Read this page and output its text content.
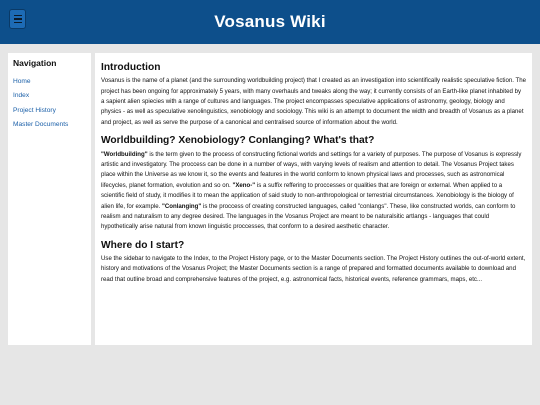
Vosanus Wiki
Navigation
Home
Index
Project History
Master Documents
Introduction

Vosanus is the name of a planet (and the surrounding worldbuilding project) that I created as an investigation into scientifically realistic speculative fiction. The project has been ongoing for approximately 5 years, with many overhauls and tweaks along the way; it currently consists of an Earth-like planet inhabited by a sapient alien spiecies with a range of cultures and languages. The project encompasses speculative applications of astronomy, geology, biology and physics - as well as speculative xenolinguistics, xenobiology and sociology. This wiki is an attempt to document the width and breadth of Vosanus as a planet and project, as well as serve the purpose of a canonical and centralised source of information about the world.

Worldbuilding? Xenobiology? Conlanging? What's that?

"Worldbuilding" is the term given to the process of constructing fictional worlds and settings for a variety of purposes. The purpose of Vosanus is expressly artistic and investigatory. The proccess can be done in a number of ways, with varying levels of realism and attention to detail. The Vosanus Project takes place within the Universe as we know it, so the events and features in the world conform to known physical laws and processes, such as astronomical lifecycles, planet formation, evolution and so on. "Xeno-" is a suffix reffering to proccesses or qualities that are foreign or external. When applied to a scientific field of study, it modifies it to mean the application of said study to non-anthropological or terrestrial circumstances. Xenobiology is the biology of alien life, for example. "Conlanging" is the proccess of creating constructed languages, called "conlangs". These, like constructed worlds, can conform to realism and naturalism to any degree desired. The languages in the Vosanus Project are meant to be naturalsitic artlangs - languages that could hypothetically arise natural from known linguistic proccesses, that conform to a desired aesthetic character.

Where do I start?

Use the sidebar to navigate to the Index, to the Project History page, or to the Master Documents section. The Project History outlines the out-of-world extent, history and motivations of the Vosanus Project; the Master Documents section is a range of prepared and formatted documents available to download and read that outline broad and comprehensive features of the project, e.g. astronomical facts, historical events, reference grammars, maps, etc...
